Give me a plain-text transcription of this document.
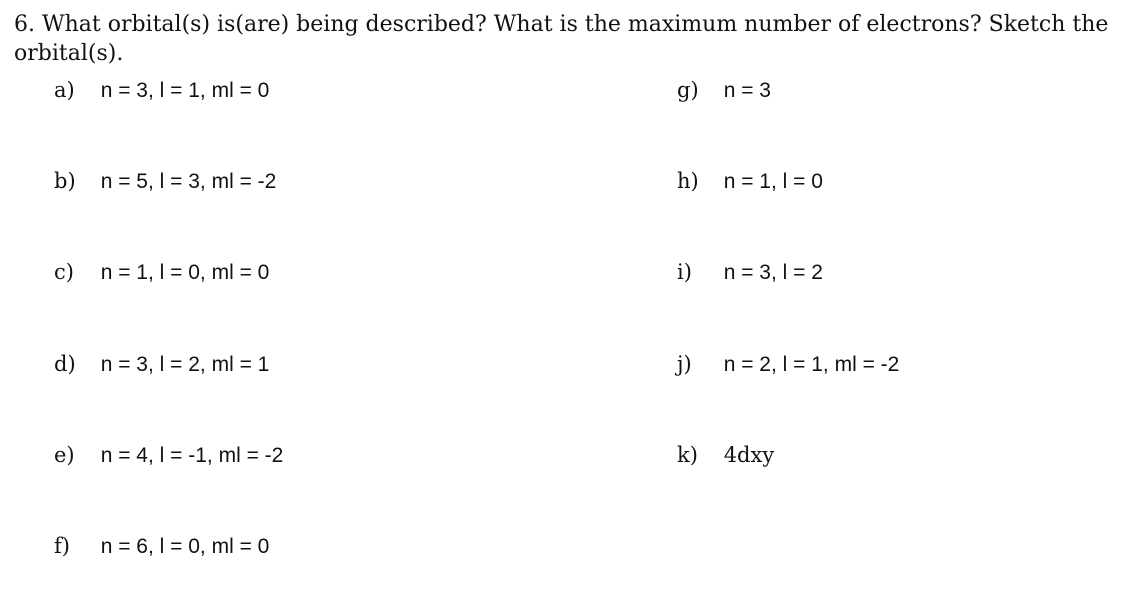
6. What orbital(s) is(are) being described? What is the maximum number of electrons? Sketch the orbital(s).

a) n = 3, l = 1, ml = 0
b) n = 5, l = 3, ml = -2
c) n = 1, l = 0, ml = 0
d) n = 3, l = 2, ml = 1
e) n = 4, l = -1, ml = -2
f) n = 6, l = 0, ml = 0
g) n = 3
h) n = 1, l = 0
i) n = 3, l = 2
j) n = 2, l = 1, ml = -2
k) 4dxy
